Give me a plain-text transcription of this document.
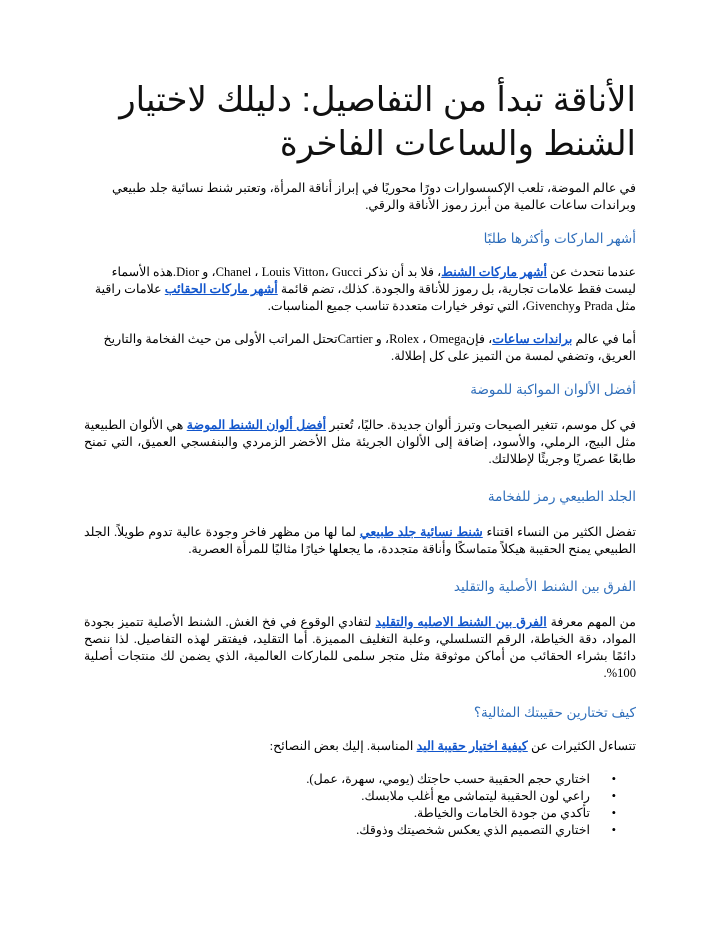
الأناقة تبدأ من التفاصيل: دليلك لاختيار الشنط والساعات الفاخرة

في عالم الموضة، تلعب الإكسسوارات دورًا محوريًا في إبراز أناقة المرأة، وتعتبر شنط نسائية جلد طبيعي وبراندات ساعات عالمية من أبرز رموز الأناقة والرقي.

أشهر الماركات وأكثرها طلبًا

عندما نتحدث عن أشهر ماركات الشنط، فلا بد أن نذكر Chanel ، Louis Vitton، Gucci، و Dior.هذه الأسماء ليست فقط علامات تجارية، بل رموز للأناقة والجودة. كذلك، تضم قائمة أشهر ماركات الحقائب علامات راقية مثل Prada وGivenchy، التي توفر خيارات متعددة تناسب جميع المناسبات.

أما في عالم براندات ساعات، فإنRolex ، Omega، و Cartierتحتل المراتب الأولى من حيث الفخامة والتاريخ العريق، وتضفي لمسة من التميز على كل إطلالة.

أفضل الألوان المواكبة للموضة

في كل موسم، تتغير الصيحات وتبرز ألوان جديدة. حاليًا، تُعتبر أفضل ألوان الشنط الموضة هي الألوان الطبيعية مثل البيج، الرملي، والأسود، إضافة إلى الألوان الجريئة مثل الأخضر الزمردي والبنفسجي العميق، التي تمنح طابعًا عصريًا وجريئًا لإطلالتك.

الجلد الطبيعي رمز للفخامة

تفضل الكثير من النساء اقتناء شنط نسائية جلد طبيعي لما لها من مظهر فاخر وجودة عالية تدوم طويلاً. الجلد الطبيعي يمنح الحقيبة هيكلاً متماسكًا وأناقة متجددة، ما يجعلها خيارًا مثاليًا للمرأة العصرية.

الفرق بين الشنط الأصلية والتقليد

من المهم معرفة الفرق بين الشنط الاصليه والتقليد لتفادي الوقوع في فخ الغش. الشنط الأصلية تتميز بجودة المواد، دقة الخياطة، الرقم التسلسلي، وعلبة التغليف المميزة. أما التقليد، فيفتقر لهذه التفاصيل. لذا ننصح دائمًا بشراء الحقائب من أماكن موثوقة مثل متجر سلمى للماركات العالمية، الذي يضمن لك منتجات أصلية 100%.

كيف تختارين حقيبتك المثالية؟

تتساءل الكثيرات عن كيفية اختيار حقيبة اليد المناسبة. إليك بعض النصائح:

•
اختاري حجم الحقيبة حسب حاجتك (يومي، سهرة، عمل).
•
راعي لون الحقيبة ليتماشى مع أغلب ملابسك.
•
تأكدي من جودة الخامات والخياطة.
•
اختاري التصميم الذي يعكس شخصيتك وذوقك.
